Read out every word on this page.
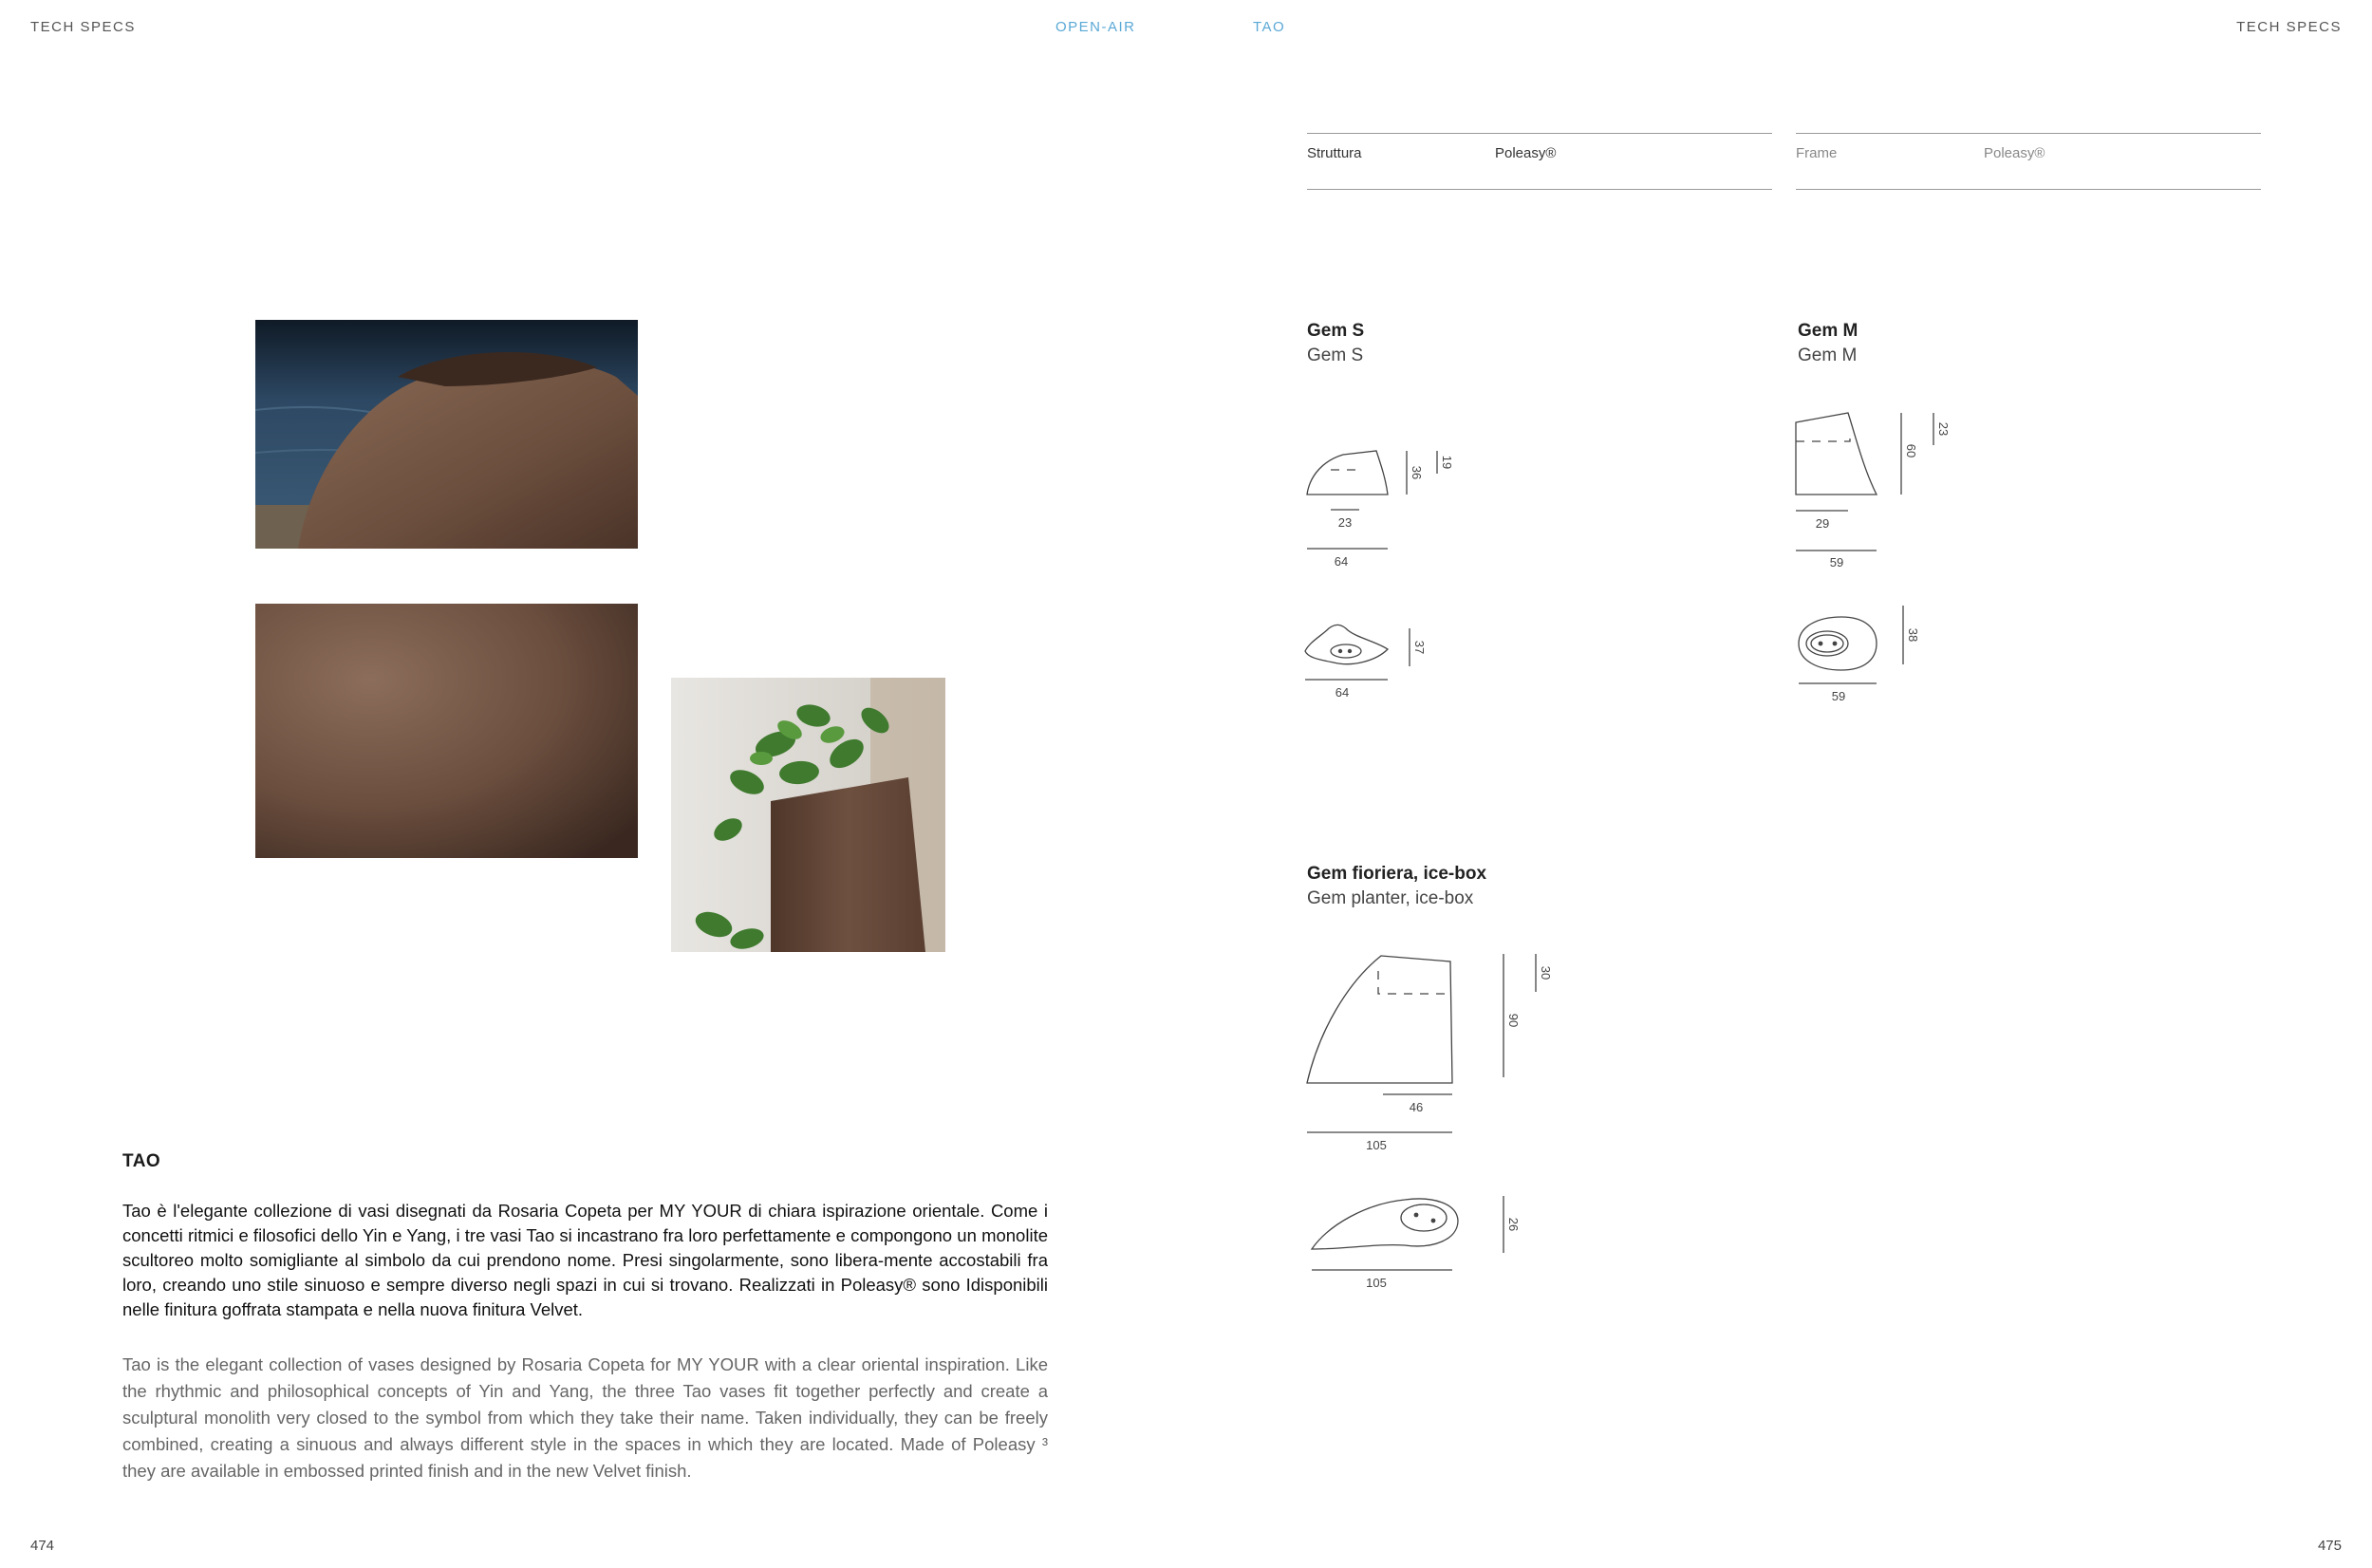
TECH SPECS	OPEN-AIR	TAO	TECH SPECS
Struttura	Poleasy®	Frame	Poleasy®
Gem S
Gem S
23
64
36
19
64
37
Gem M
Gem M
29
59
60
23
59
38
Gem fioriera, ice-box
Gem planter, ice-box
46
105
90
30
105
26
TAO
Tao è l'elegante collezione di vasi disegnati da Rosaria Copeta per MY YOUR di chiara ispirazione orientale. Come i concetti ritmici e filosofici dello Yin e Yang, i tre vasi Tao si incastrano fra loro perfettamente e compongono un monolite scultoreo molto somigliante al simbolo da cui prendono nome. Presi singolarmente, sono libera-mente accostabili fra loro, creando uno stile sinuoso e sempre diverso negli spazi in cui si trovano. Realizzati in Poleasy® sono Idisponibili nelle finitura goffrata stampata e nella nuova finitura Velvet.
Tao is the elegant collection of vases designed by Rosaria Copeta for MY YOUR with a clear oriental inspiration. Like the rhythmic and philosophical concepts of Yin and Yang, the three Tao vases fit together perfectly and create a sculptural monolith very closed to the symbol from which they take their name. Taken individually, they can be freely combined, creating a sinuous and always different style in the spaces in which they are located. Made of Poleasy ³ they are available in embossed printed finish and in the new Velvet finish.
474	475
